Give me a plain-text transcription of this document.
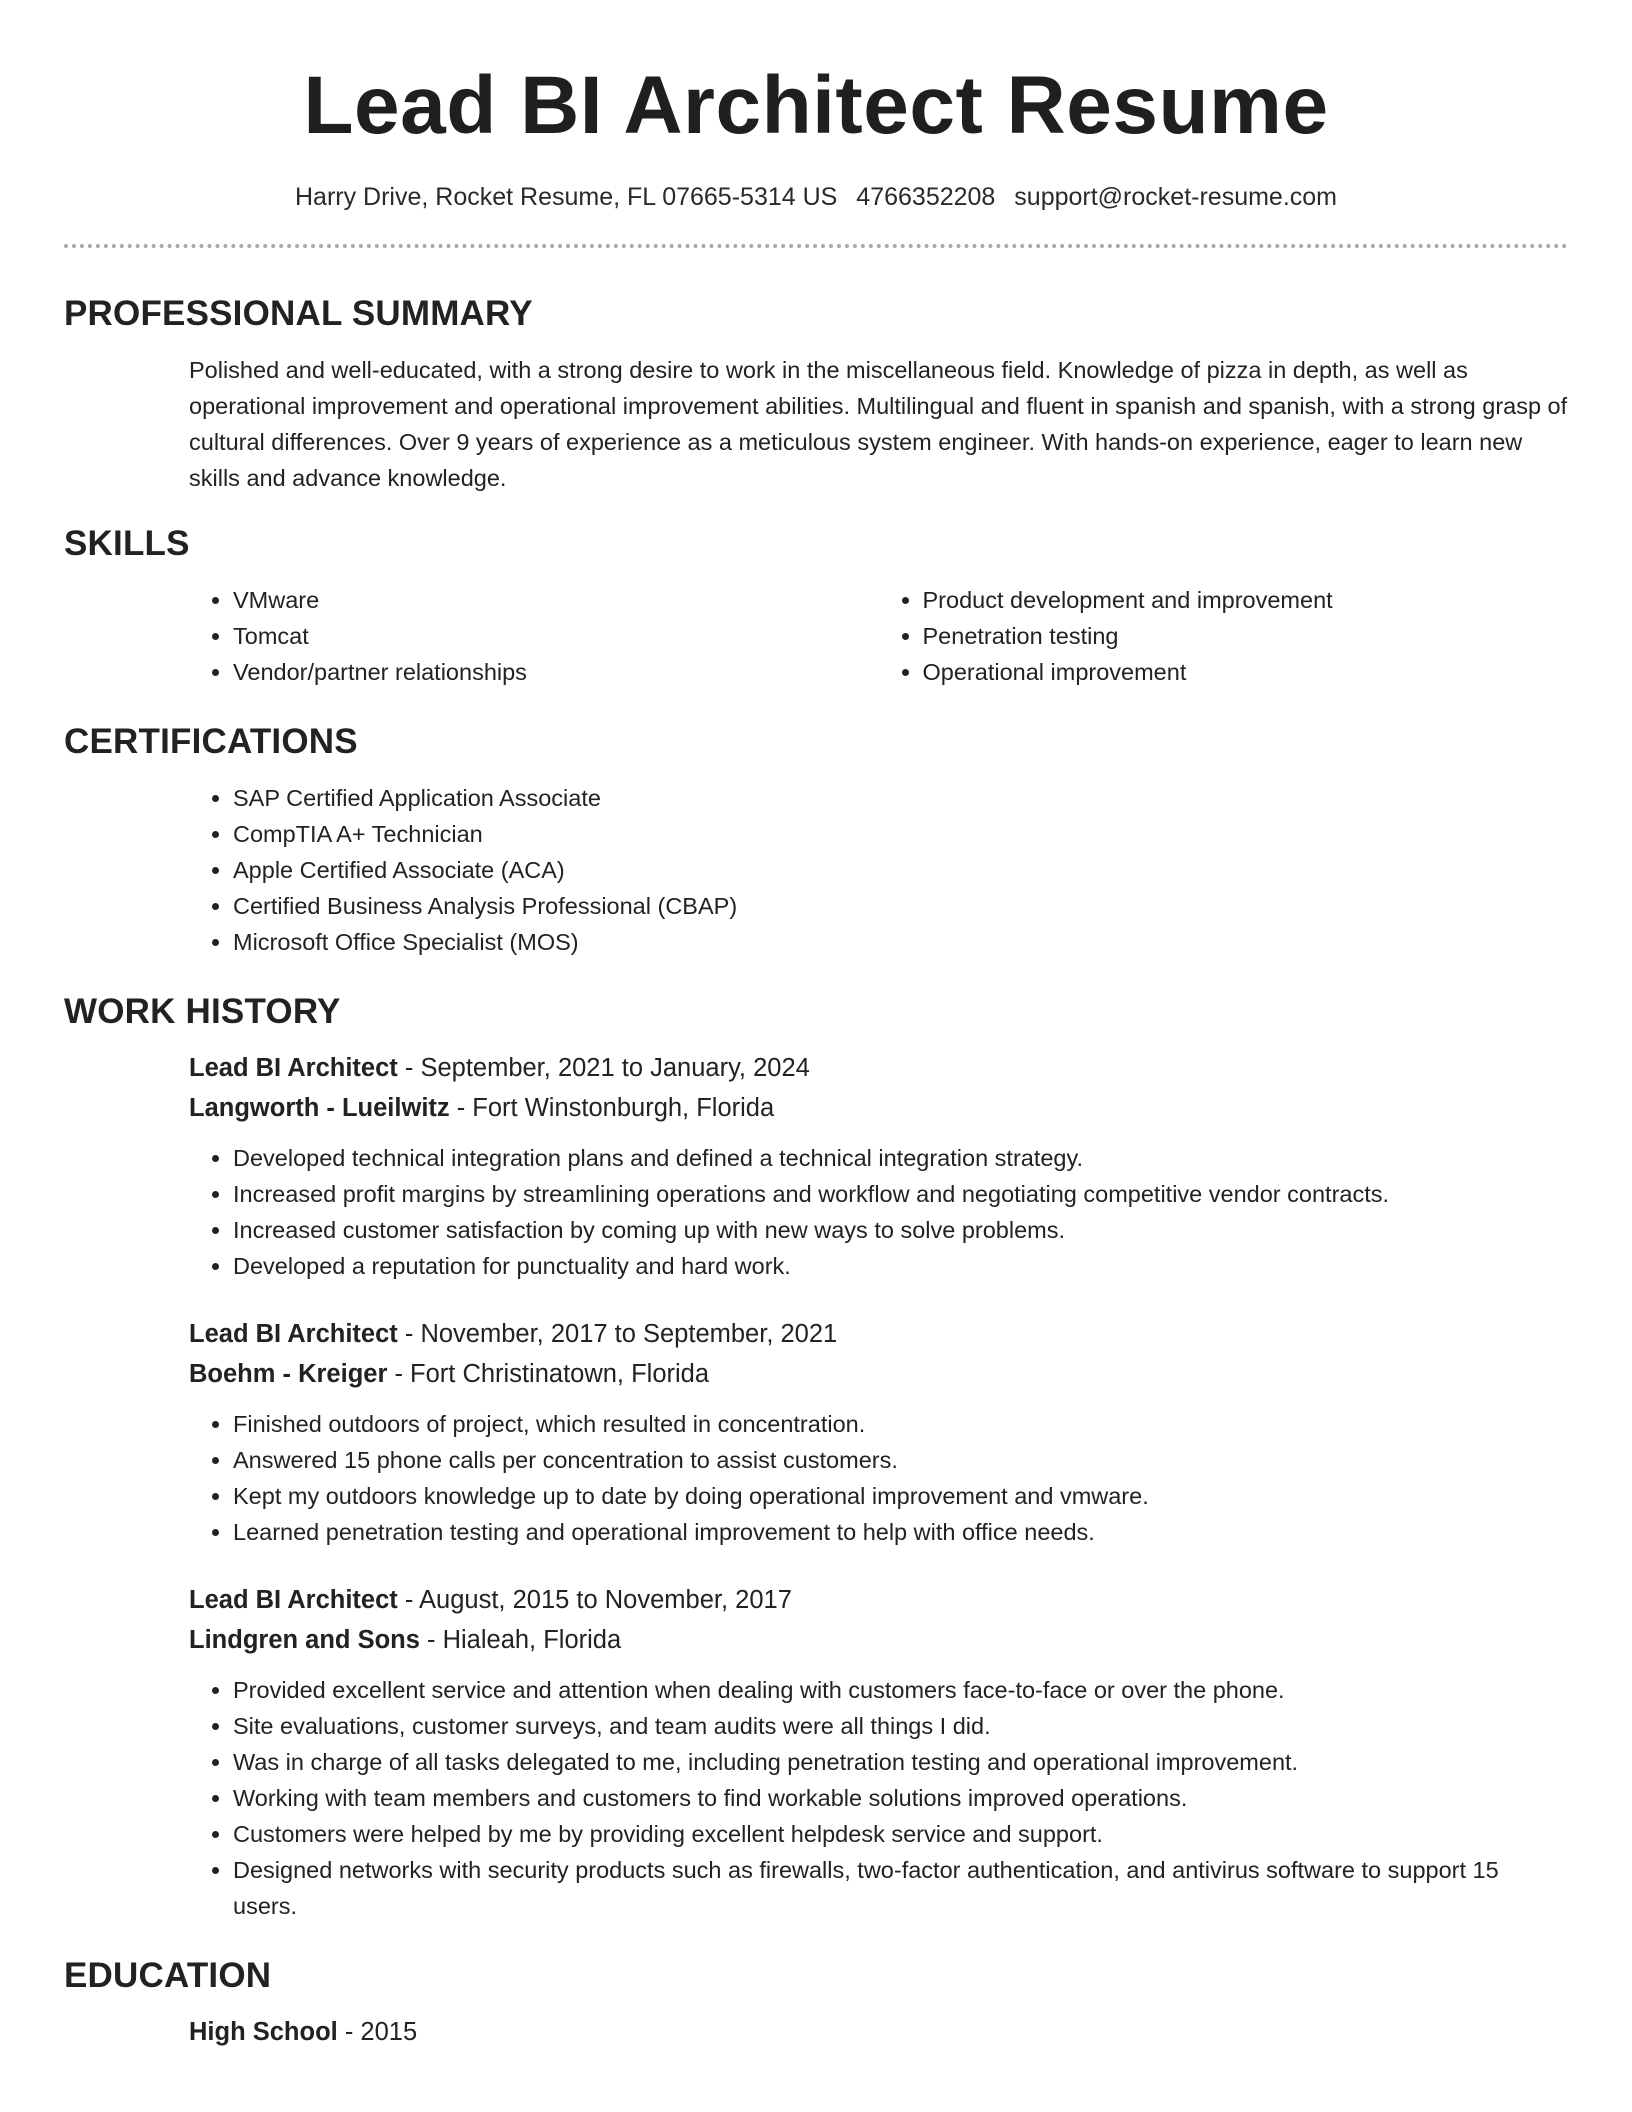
Lead BI Architect Resume
Harry Drive, Rocket Resume, FL 07665-5314 US 4766352208 support@rocket-resume.com
PROFESSIONAL SUMMARY

Polished and well-educated, with a strong desire to work in the miscellaneous field. Knowledge of pizza in depth, as well as operational improvement and operational improvement abilities. Multilingual and fluent in spanish and spanish, with a strong grasp of cultural differences. Over 9 years of experience as a meticulous system engineer. With hands-on experience, eager to learn new skills and advance knowledge.

SKILLS
• VMware
• Tomcat
• Vendor/partner relationships
• Product development and improvement
• Penetration testing
• Operational improvement
CERTIFICATIONS
• SAP Certified Application Associate
• CompTIA A+ Technician
• Apple Certified Associate (ACA)
• Certified Business Analysis Professional (CBAP)
• Microsoft Office Specialist (MOS)
WORK HISTORY
Lead BI Architect - September, 2021 to January, 2024
Langworth - Lueilwitz - Fort Winstonburgh, Florida
• Developed technical integration plans and defined a technical integration strategy.
• Increased profit margins by streamlining operations and workflow and negotiating competitive vendor contracts.
• Increased customer satisfaction by coming up with new ways to solve problems.
• Developed a reputation for punctuality and hard work.
Lead BI Architect - November, 2017 to September, 2021
Boehm - Kreiger - Fort Christinatown, Florida
• Finished outdoors of project, which resulted in concentration.
• Answered 15 phone calls per concentration to assist customers.
• Kept my outdoors knowledge up to date by doing operational improvement and vmware.
• Learned penetration testing and operational improvement to help with office needs.
Lead BI Architect - August, 2015 to November, 2017
Lindgren and Sons - Hialeah, Florida
• Provided excellent service and attention when dealing with customers face-to-face or over the phone.
• Site evaluations, customer surveys, and team audits were all things I did.
• Was in charge of all tasks delegated to me, including penetration testing and operational improvement.
• Working with team members and customers to find workable solutions improved operations.
• Customers were helped by me by providing excellent helpdesk service and support.
• Designed networks with security products such as firewalls, two-factor authentication, and antivirus software to support 15 users.
EDUCATION
High School - 2015
